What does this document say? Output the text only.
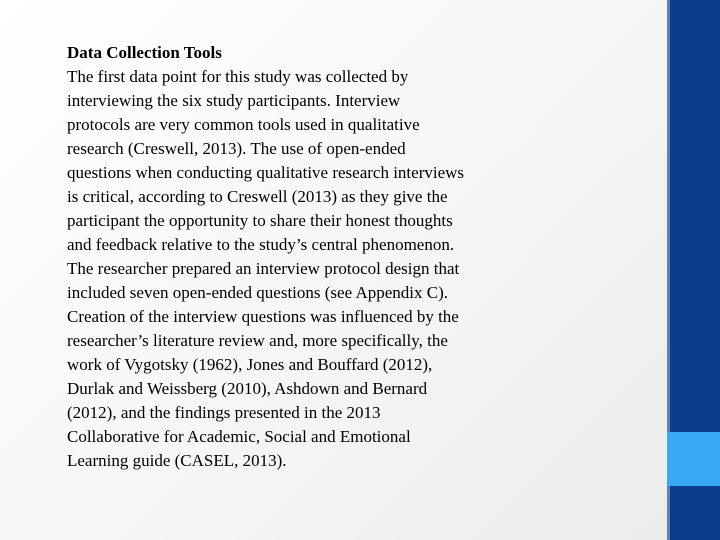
Data Collection Tools

The first data point for this study was collected by
interviewing the six study participants. Interview
protocols are very common tools used in qualitative
research (Creswell, 2013). The use of open-ended
questions when conducting qualitative research interviews
is critical, according to Creswell (2013) as they give the
participant the opportunity to share their honest thoughts
and feedback relative to the study’s central phenomenon.
The researcher prepared an interview protocol design that
included seven open-ended questions (see Appendix C).
Creation of the interview questions was influenced by the
researcher’s literature review and, more specifically, the
work of Vygotsky (1962), Jones and Bouffard (2012),
Durlak and Weissberg (2010), Ashdown and Bernard
(2012), and the findings presented in the 2013
Collaborative for Academic, Social and Emotional
Learning guide (CASEL, 2013).
